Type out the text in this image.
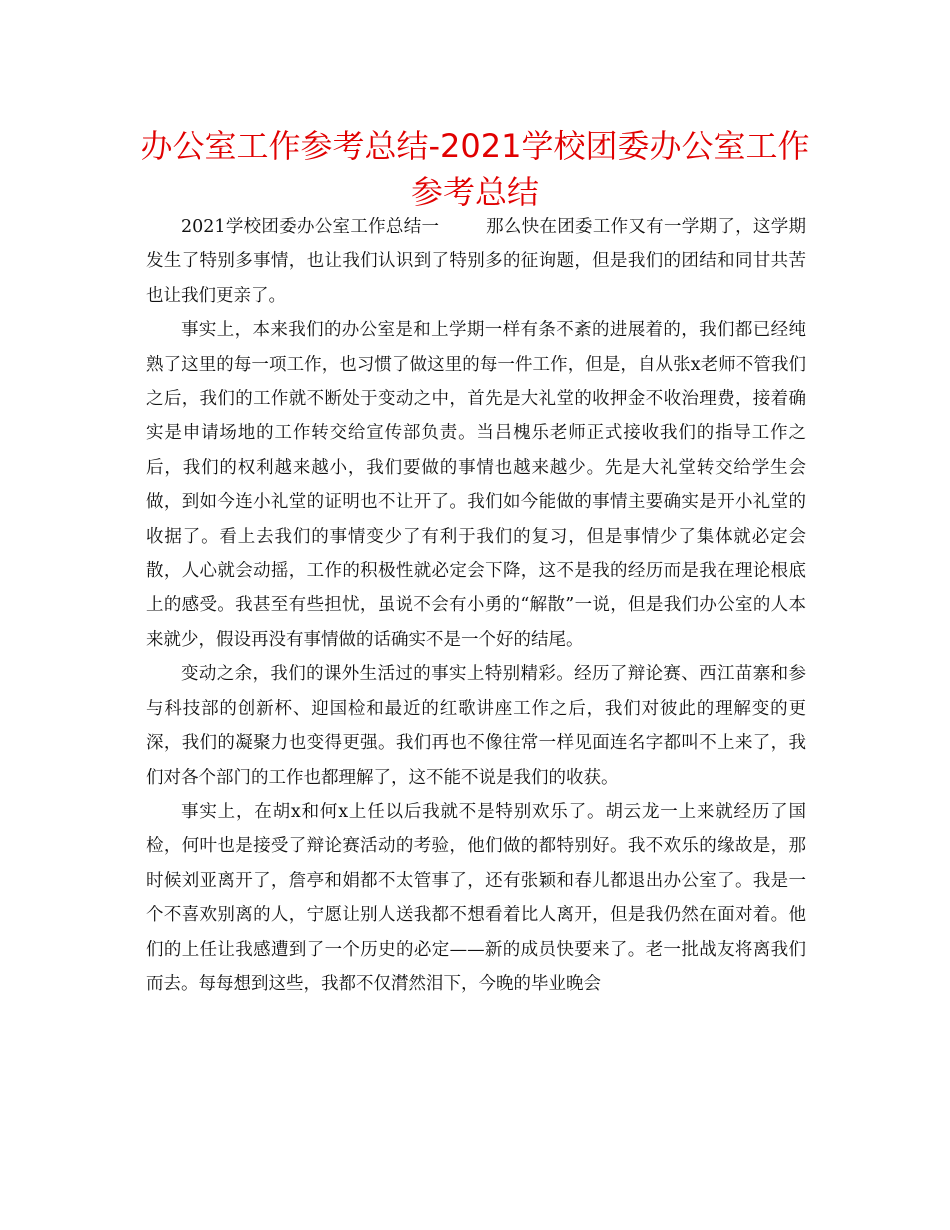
办公室工作参考总结-2021学校团委办公室工作
参考总结

2021学校团委办公室工作总结一        那么快在团委工作又有一学期了，这学期发生了特别多事情，也让我们认识到了特别多的征询题，但是我们的团结和同甘共苦也让我们更亲了。

事实上，本来我们的办公室是和上学期一样有条不紊的进展着的，我们都已经纯熟了这里的每一项工作，也习惯了做这里的每一件工作，但是，自从张x老师不管我们之后，我们的工作就不断处于变动之中，首先是大礼堂的收押金不收治理费，接着确实是申请场地的工作转交给宣传部负责。当吕槐乐老师正式接收我们的指导工作之后，我们的权利越来越小，我们要做的事情也越来越少。先是大礼堂转交给学生会做，到如今连小礼堂的证明也不让开了。我们如今能做的事情主要确实是开小礼堂的收据了。看上去我们的事情变少了有利于我们的复习，但是事情少了集体就必定会散，人心就会动摇，工作的积极性就必定会下降，这不是我的经历而是我在理论根底上的感受。我甚至有些担忧，虽说不会有小勇的“解散”一说，但是我们办公室的人本来就少，假设再没有事情做的话确实不是一个好的结尾。

变动之余，我们的课外生活过的事实上特别精彩。经历了辩论赛、西江苗寨和参与科技部的创新杯、迎国检和最近的红歌讲座工作之后，我们对彼此的理解变的更深，我们的凝聚力也变得更强。我们再也不像往常一样见面连名字都叫不上来了，我们对各个部门的工作也都理解了，这不能不说是我们的收获。

事实上，在胡x和何x上任以后我就不是特别欢乐了。胡云龙一上来就经历了国检，何叶也是接受了辩论赛活动的考验，他们做的都特别好。我不欢乐的缘故是，那时候刘亚离开了，詹亭和娟都不太管事了，还有张颖和春儿都退出办公室了。我是一个不喜欢别离的人，宁愿让别人送我都不想看着比人离开，但是我仍然在面对着。他们的上任让我感遭到了一个历史的必定——新的成员快要来了。老一批战友将离我们而去。每每想到这些，我都不仅潸然泪下，今晚的毕业晚会
